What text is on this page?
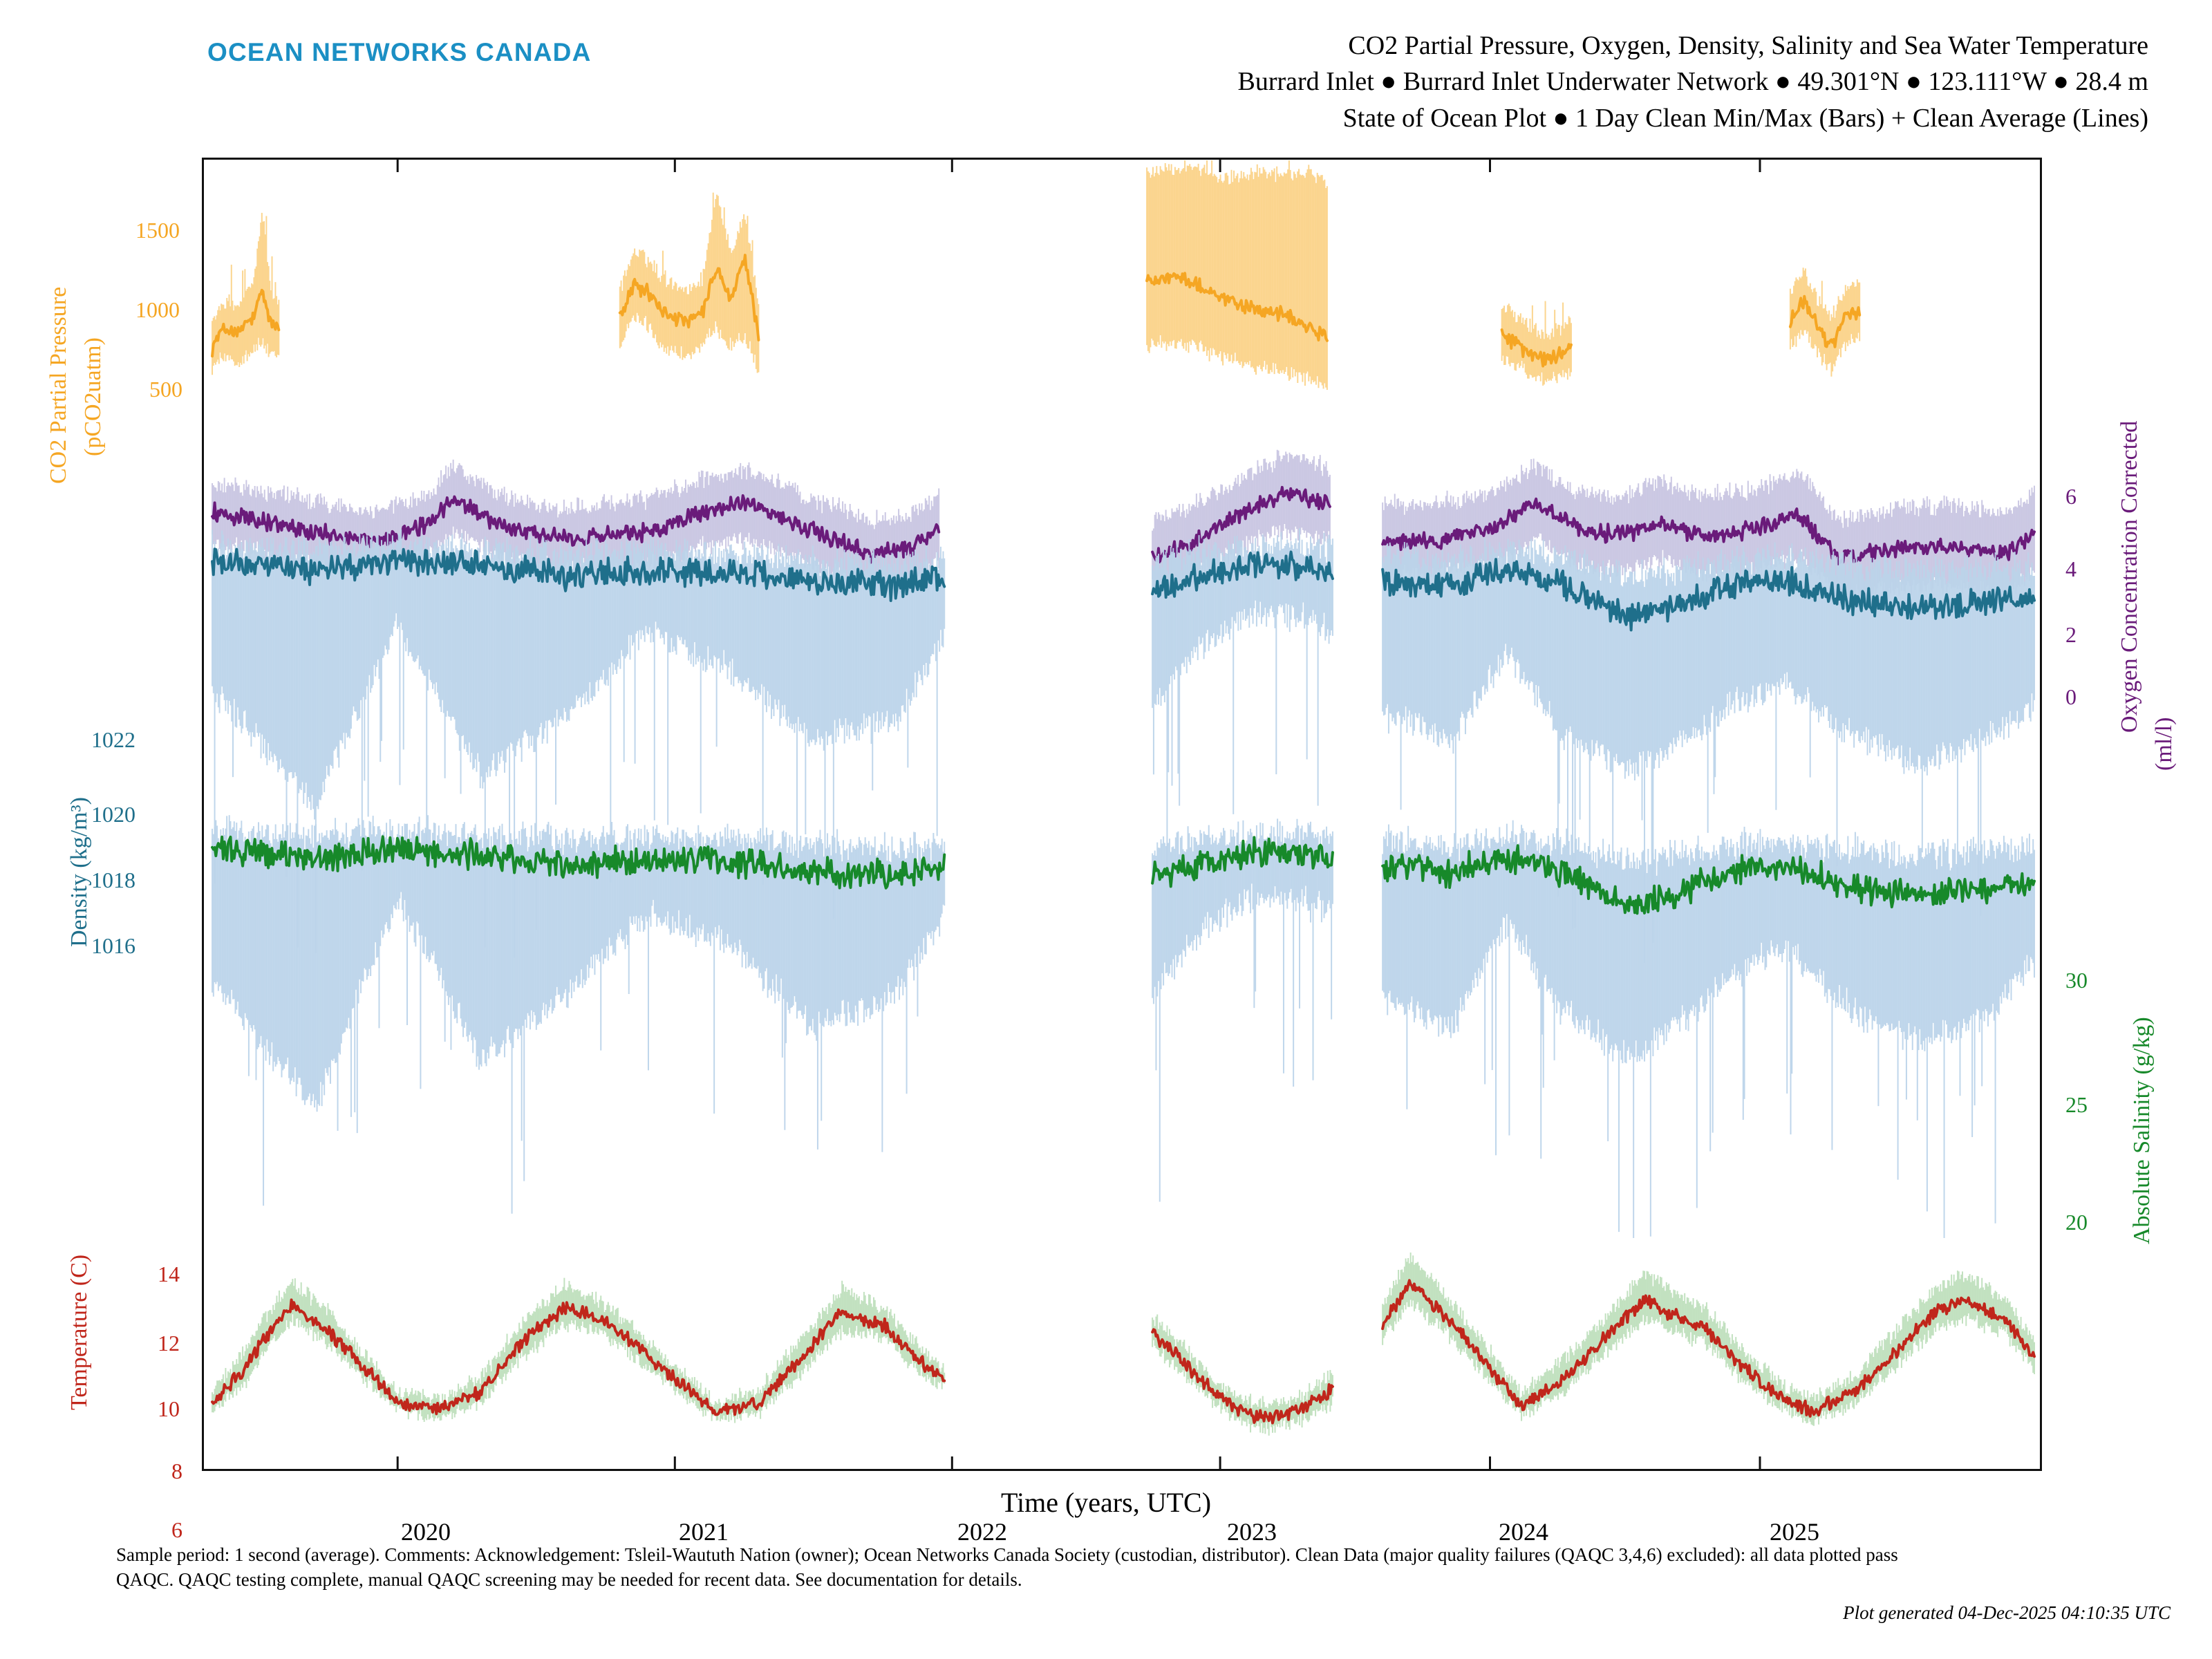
OCEAN NETWORKS CANADA	CO2 Partial Pressure, Oxygen, Density, Salinity and Sea Water Temperature
Burrard Inlet ● Burrard Inlet Underwater Network ● 49.301°N ● 123.111°W ● 28.4 m
State of Ocean Plot ● 1 Day Clean Min/Max (Bars) + Clean Average (Lines)
CO2 Partial Pressure (pCO2uatm)
Density (kg/m³)
Temperature (C)
Oxygen Concentration Corrected
(ml/l)
Absolute Salinity (g/kg)
1500
1000
500
1022
1020
1018
1016
14
12
10
8
6
6
4
2
0
30
25
20
2020	2021	2022	2023	2024	2025
Time (years, UTC)
Sample period: 1 second (average). Comments: Acknowledgement: Tsleil-Waututh Nation (owner); Ocean Networks Canada Society (custodian, distributor). Clean Data (major quality failures (QAQC 3,4,6) excluded): all data plotted pass QAQC. QAQC testing complete, manual QAQC screening may be needed for recent data. See documentation for details.
Plot generated 04-Dec-2025 04:10:35 UTC
